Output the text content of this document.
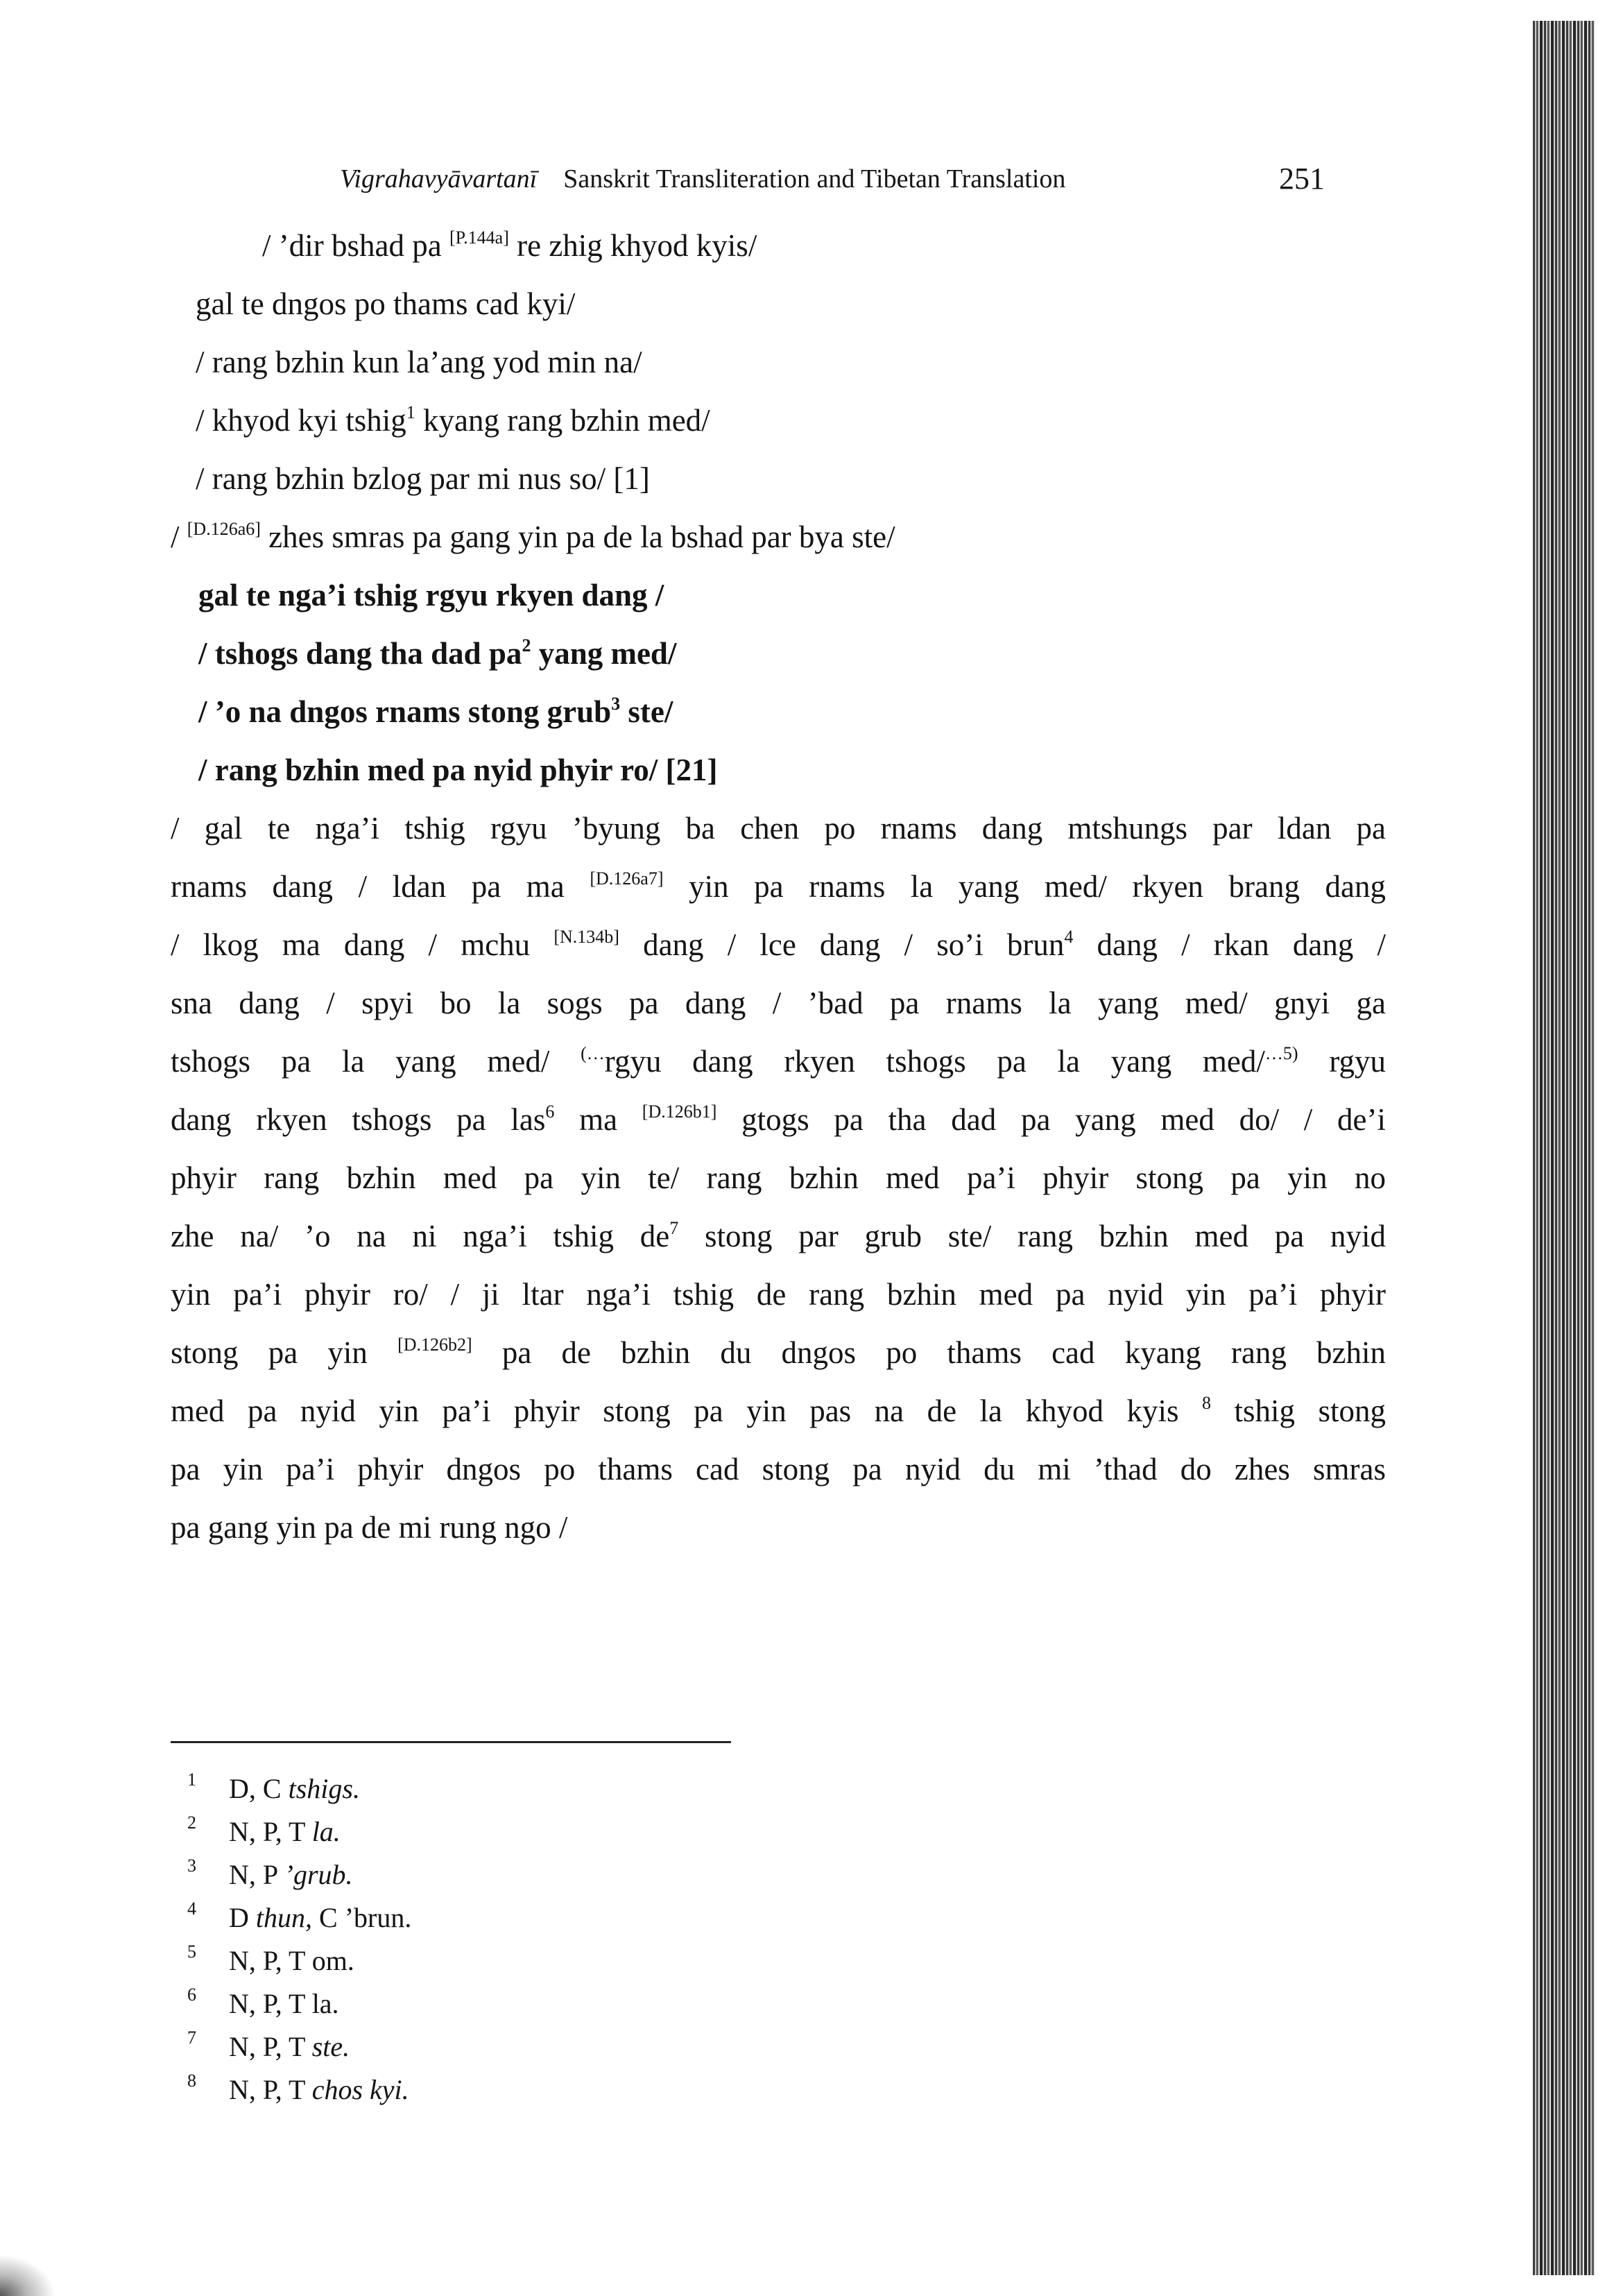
Vigrahavyāvartanī Sanskrit Transliteration and Tibetan Translation	251
/ ’dir bshad pa [P.144a] re zhig khyod kyis/
gal te dngos po thams cad kyi/
/ rang bzhin kun la’ang yod min na/
/ khyod kyi tshig$^1$ kyang rang bzhin med/
/ rang bzhin bzlog par mi nus so/ [1]
/ [D.126a6] zhes smras pa gang yin pa de la bshad par bya ste/
gal te nga’i tshig rgyu rkyen dang /
/ tshogs dang tha dad $pa^2$ yang med/
/ ’o na dngos rnams stong grub$^3$ ste/
/ rang bzhin med pa nyid phyir ro/ [21]
/ gal te nga’i tshig rgyu ’byung ba chen po rnams dang mtshungs par ldan pa
rnams dang / ldan pa ma [D.126a7] yin pa rnams la yang med/ rkyen brang dang
/ lkog ma dang / mchu [N.134b] dang / lce dang / so’i brun$^4$ dang / rkan dang /
sna dang / spyi bo la sogs pa dang / ’bad pa rnams la yang med/ gnyi ga
tshogs pa la yang med/ (…rgyu dang rkyen tshogs pa la yang med/$^{\dots 5)}$ rgyu
dang rkyen tshogs pa las$^6$ ma [D.126b1] gtogs pa tha dad pa yang med do/ / de’i
phyir rang bzhin med pa yin te/ rang bzhin med pa’i phyir stong pa yin no
zhe na/ ’o na ni nga’i tshig $de^7$ stong par grub ste/ rang bzhin med pa nyid
yin pa’i phyir ro/ / ji ltar nga’i tshig de rang bzhin med pa nyid yin pa’i phyir
stong pa yin [D.126b2] pa de bzhin du dngos po thams cad kyang rang bzhin
med pa nyid yin pa’i phyir stong pa yin pas na de la khyod kyis $^8$ tshig stong
pa yin pa’i phyir dngos po thams cad stong pa nyid du mi ’thad do zhes smras
pa gang yin pa de mi rung ngo /
1	D, C tshigs.
2	N, P, T la.
3	N, P ’grub.
4	D thun, C ’brun.
5	N, P, T om.
6	N, P, T la.
7	N, P, T ste.
8	N, P, T chos kyi.
